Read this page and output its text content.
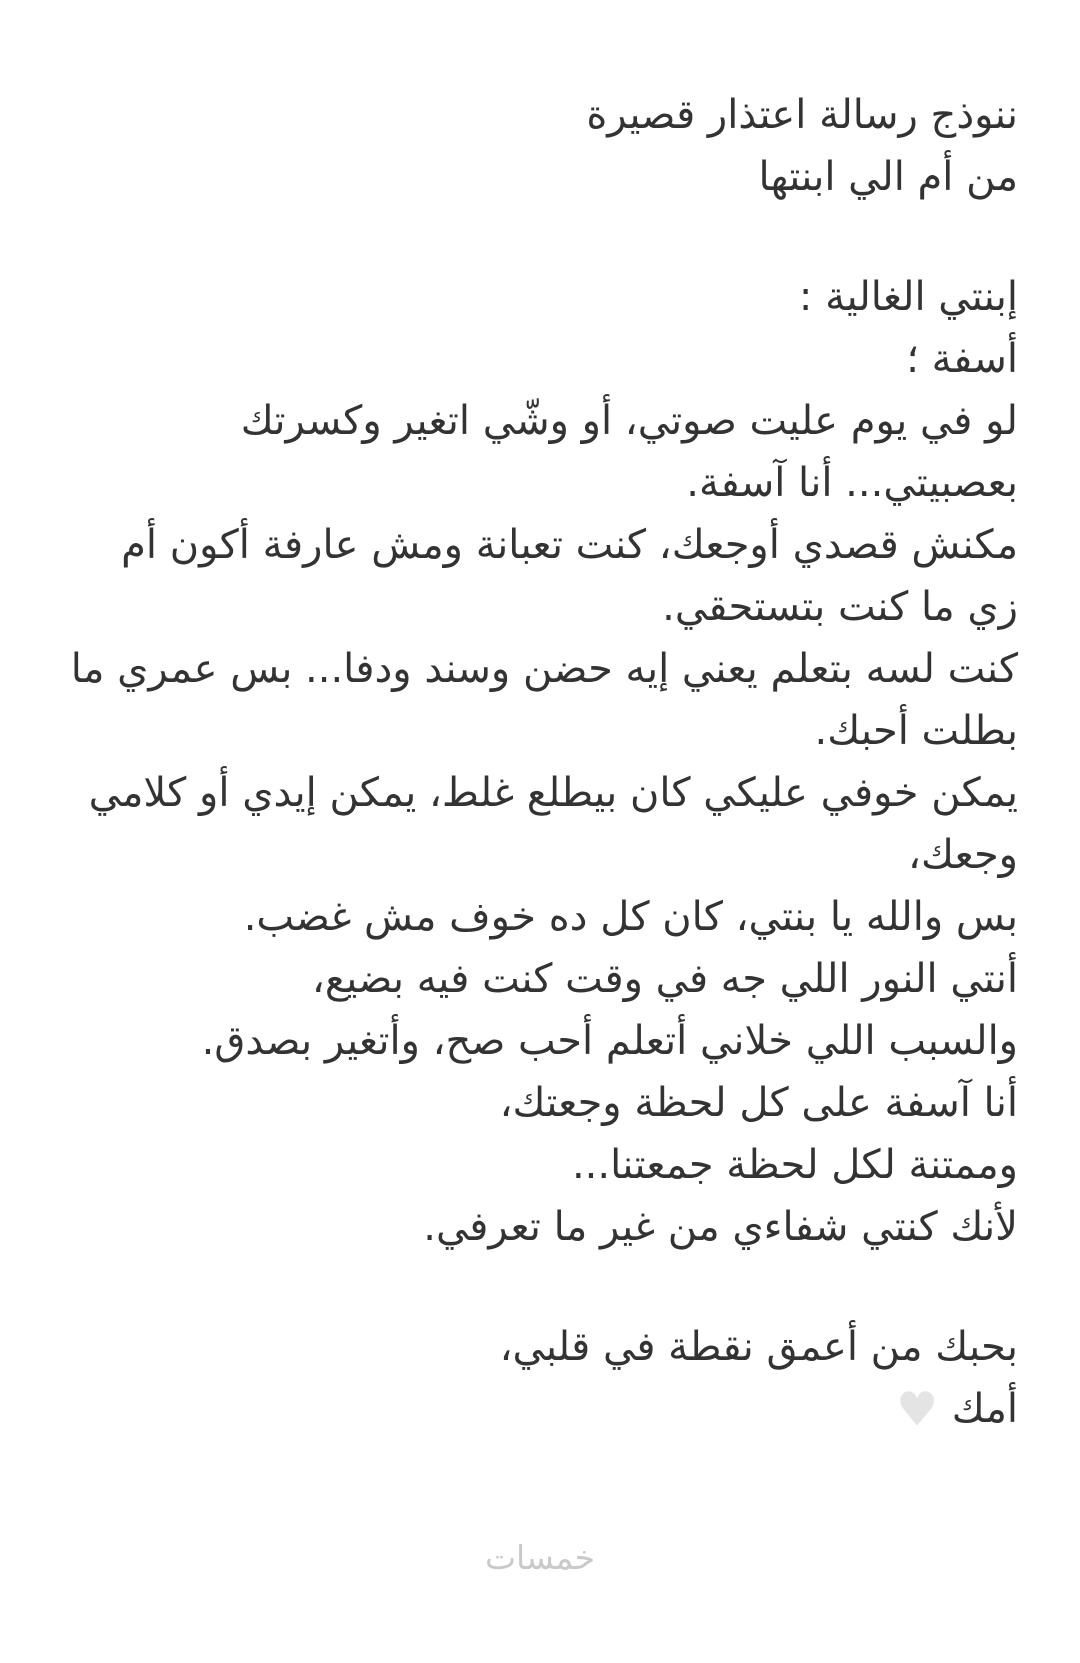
ننوذج رسالة اعتذار قصيرة

من أم الي ابنتها

إبنتي الغالية :

أسفة ؛

لو في يوم عليت صوتي، أو وشّي اتغير وكسرتك

بعصبيتي... أنا آسفة.

مكنش قصدي أوجعك، كنت تعبانة ومش عارفة أكون أم

زي ما كنت بتستحقي.

كنت لسه بتعلم يعني إيه حضن وسند ودفا... بس عمري ما

بطلت أحبك.

يمكن خوفي عليكي كان بيطلع غلط، يمكن إيدي أو كلامي

وجعك،

بس والله يا بنتي، كان كل ده خوف مش غضب.

أنتي النور اللي جه في وقت كنت فيه بضيع،

والسبب اللي خلاني أتعلم أحب صح، وأتغير بصدق.

أنا آسفة على كل لحظة وجعتك،

وممتنة لكل لحظة جمعتنا...

لأنك كنتي شفاءي من غير ما تعرفي.

بحبك من أعمق نقطة في قلبي،

أمك
♥

خمسات
